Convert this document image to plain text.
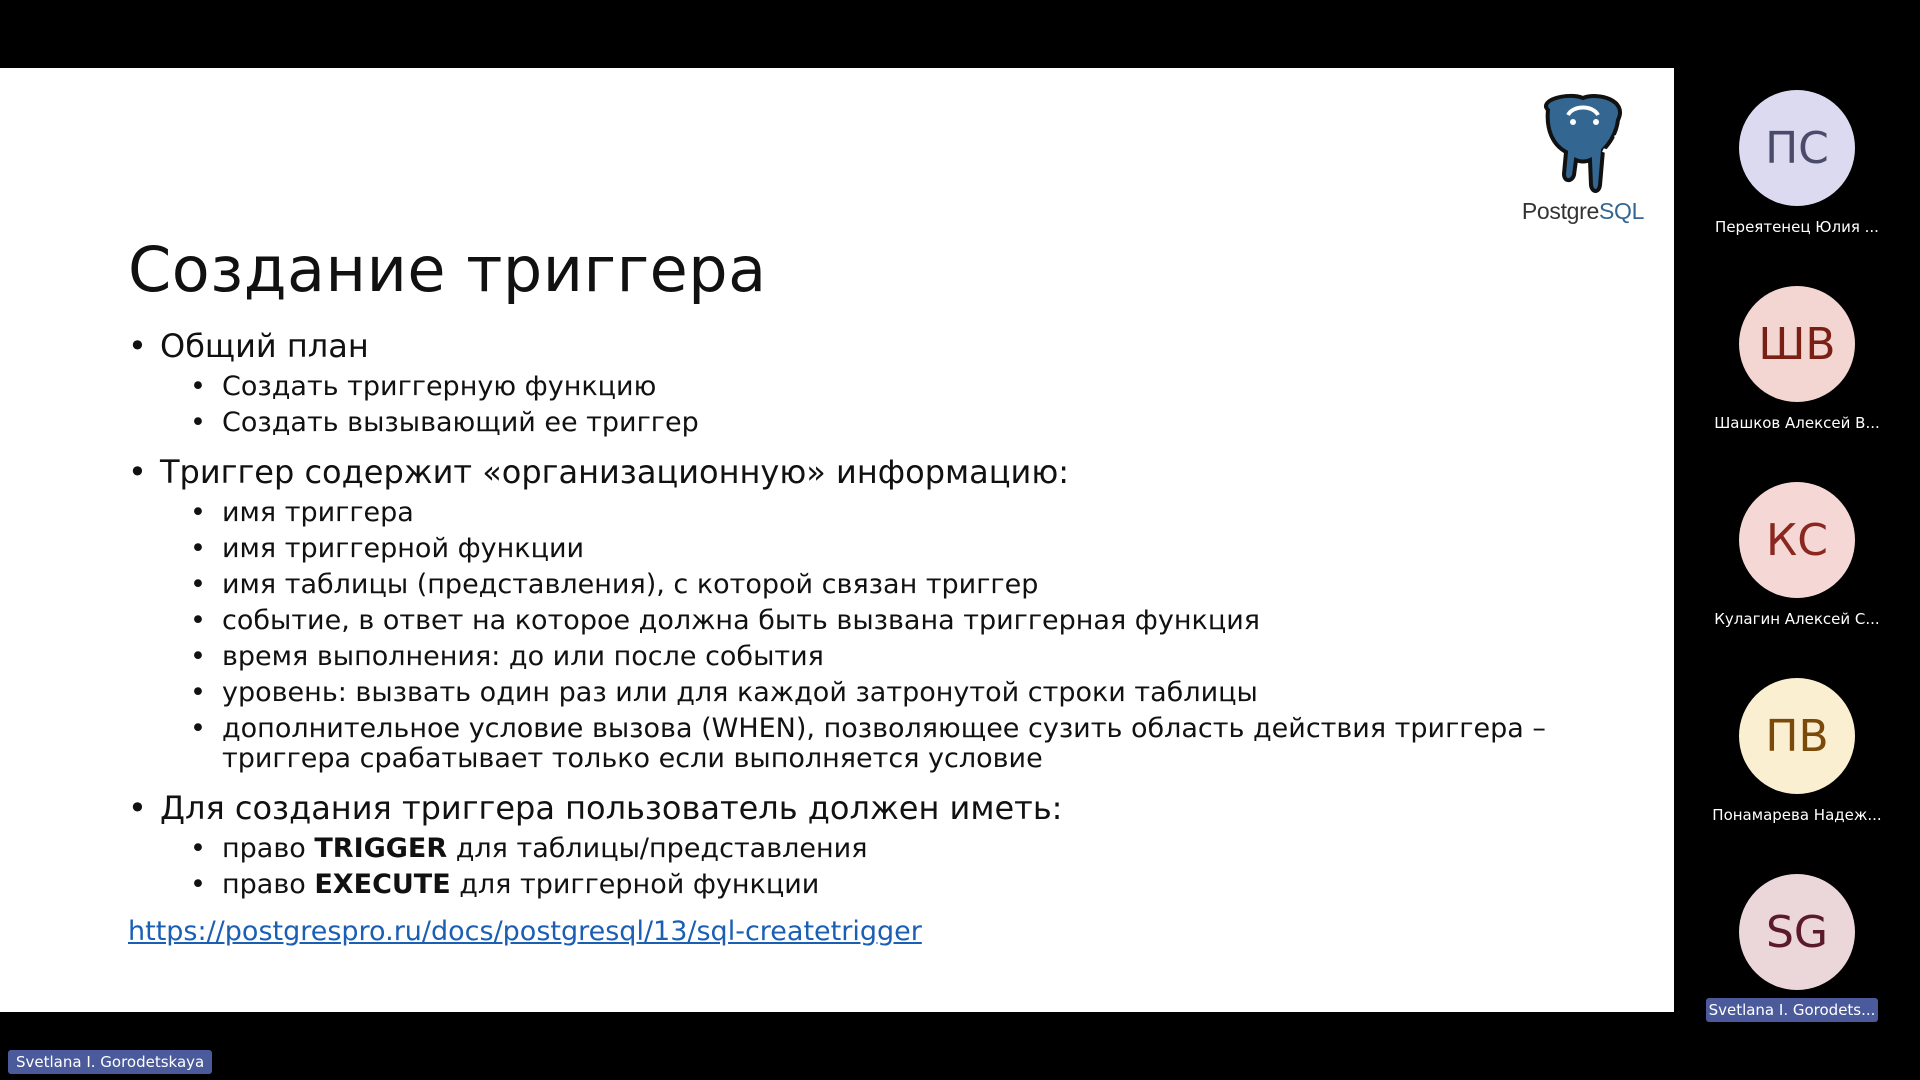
Создание триггера
PostgreSQL
• Общий план
• Создать триггерную функцию
• Создать вызывающий ее триггер
• Триггер содержит «организационную» информацию:
• имя триггера
• имя триггерной функции
• имя таблицы (представления), с которой связан триггер
• событие, в ответ на которое должна быть вызвана триггерная функция
• время выполнения: до или после события
• уровень: вызвать один раз или для каждой затронутой строки таблицы
• дополнительное условие вызова (WHEN), позволяющее сузить область действия триггера – триггера срабатывает только если выполняется условие
• Для создания триггера пользователь должен иметь:
• право TRIGGER для таблицы/представления
• право EXECUTE для триггерной функции
https://postgrespro.ru/docs/postgresql/13/sql-createtrigger
ПС
Переятенец Юлия ...
ШВ
Шашков Алексей В...
КС
Кулагин Алексей С...
ПВ
Понамарева Надеж...
SG
Svetlana I. Gorodets...
Svetlana I. Gorodetskaya
